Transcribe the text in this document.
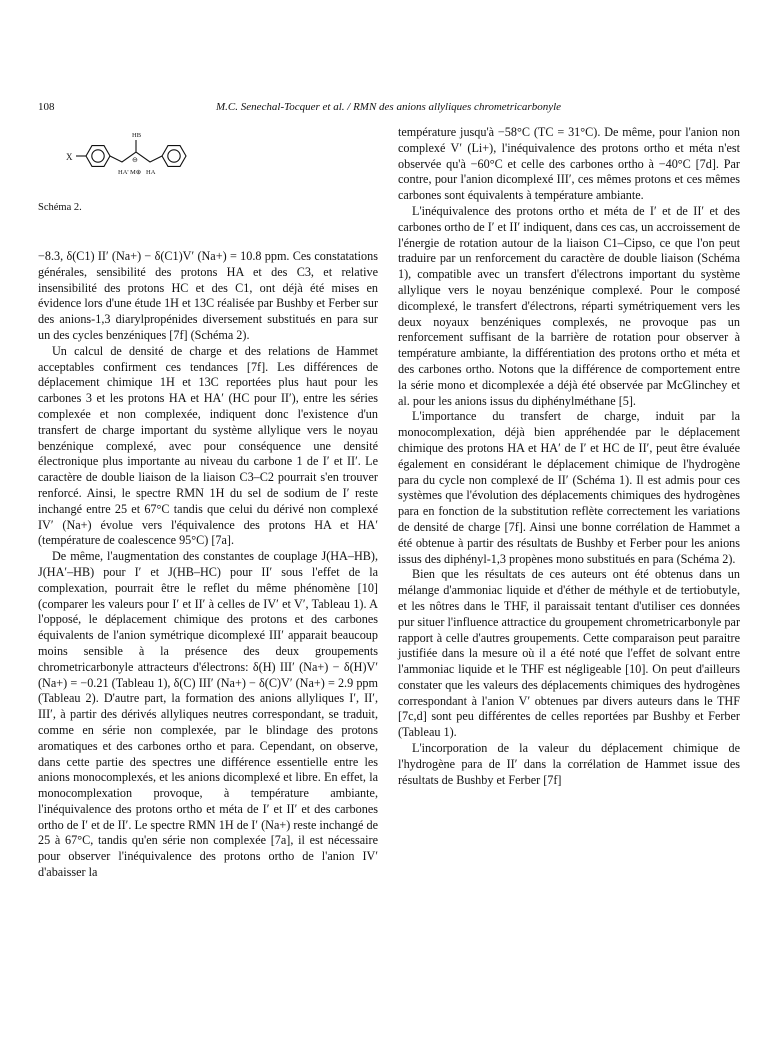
108	M.C. Senechal-Tocquer et al. / RMN des anions allyliques chrometricarbonyle
X
HB
⊖
HA' M⊕ HA
Schéma 2.

−8.3, δ(C1) II′ (Na+) − δ(C1)V′ (Na+) = 10.8 ppm. Ces constatations générales, sensibilité des protons HA et des C3, et relative insensibilité des protons HC et des C1, ont déjà été mises en évidence lors d'une étude 1H et 13C réalisée par Bushby et Ferber sur des anions-1,3 diarylpropénides diversement substitués en para sur un des cycles benzéniques [7f] (Schéma 2).

Un calcul de densité de charge et des relations de Hammet acceptables confirment ces tendances [7f]. Les différences de déplacement chimique 1H et 13C reportées plus haut pour les carbones 3 et les protons HA et HA′ (HC pour II′), entre les séries complexée et non complexée, indiquent donc l'existence d'un transfert de charge important du système allylique vers le noyau benzénique complexé, avec pour conséquence une densité électronique plus importante au niveau du carbone 1 de I′ et II′. Le caractère de double liaison de la liaison C3–C2 pourrait s'en trouver renforcé. Ainsi, le spectre RMN 1H du sel de sodium de I′ reste inchangé entre 25 et 67°C tandis que celui du dérivé non complexé IV′ (Na+) évolue vers l'équivalence des protons HA et HA′ (température de coalescence 95°C) [7a].

De même, l'augmentation des constantes de couplage J(HA–HB), J(HA′–HB) pour I′ et J(HB–HC) pour II′ sous l'effet de la complexation, pourrait être le reflet du même phénomène [10] (comparer les valeurs pour I′ et II′ à celles de IV′ et V′, Tableau 1). A l'opposé, le déplacement chimique des protons et des carbones équivalents de l'anion symétrique dicomplexé III′ apparait beaucoup moins sensible à la présence des deux groupements chrometricarbonyle attracteurs d'électrons: δ(H) III′ (Na+) − δ(H)V′ (Na+) = −0.21 (Tableau 1), δ(C) III′ (Na+) − δ(C)V′ (Na+) = 2.9 ppm (Tableau 2). D'autre part, la formation des anions allyliques I′, II′, III′, à partir des dérivés allyliques neutres correspondant, se traduit, comme en série non complexée, par le blindage des protons aromatiques et des carbones ortho et para. Cependant, on observe, dans cette partie des spectres une différence essentielle entre les anions monocomplexés, et les anions dicomplexé et libre. En effet, la monocomplexation provoque, à température ambiante, l'inéquivalence des protons ortho et méta de I′ et II′ et des carbones ortho de I′ et de II′. Le spectre RMN 1H de I′ (Na+) reste inchangé de 25 à 67°C, tandis qu'en série non complexée [7a], il est nécessaire pour observer l'inéquivalence des protons ortho de l'anion IV′ d'abaisser la

température jusqu'à −58°C (TC = 31°C). De même, pour l'anion non complexé V′ (Li+), l'inéquivalence des protons ortho et méta n'est observée qu'à −60°C et celle des carbones ortho à −40°C [7d]. Par contre, pour l'anion dicomplexé III′, ces mêmes protons et ces mêmes carbones sont équivalents à température ambiante.

L'inéquivalence des protons ortho et méta de I′ et de II′ et des carbones ortho de I′ et II′ indiquent, dans ces cas, un accroissement de l'énergie de rotation autour de la liaison C1–Cipso, ce que l'on peut traduire par un renforcement du caractère de double liaison (Schéma 1), compatible avec un transfert d'électrons important du système allylique vers le noyau benzénique complexé. Pour le composé dicomplexé, le transfert d'électrons, réparti symétriquement vers les deux noyaux benzéniques complexés, ne provoque pas un renforcement suffisant de la barrière de rotation pour observer à température ambiante, la différentiation des protons ortho et méta et des carbones ortho. Notons que la différence de comportement entre la série mono et dicomplexée a déjà été observée par McGlinchey et al. pour les anions issus du diphénylméthane [5].

L'importance du transfert de charge, induit par la monocomplexation, déjà bien appréhendée par le déplacement chimique des protons HA et HA′ de I′ et HC de II′, peut être évaluée également en considérant le déplacement chimique de l'hydrogène para du cycle non complexé de II′ (Schéma 1). Il est admis pour ces systèmes que l'évolution des déplacements chimiques des hydrogènes para en fonction de la substitution reflète correctement les variations de densité de charge [7f]. Ainsi une bonne corrélation de Hammet a été obtenue à partir des résultats de Bushby et Ferber pour les anions issus des diphényl-1,3 propènes mono substitués en para (Schéma 2).

Bien que les résultats de ces auteurs ont été obtenus dans un mélange d'ammoniac liquide et d'éther de méthyle et de tertiobutyle, et les nôtres dans le THF, il paraissait tentant d'utiliser ces données pur situer l'influence attractice du groupement chrometricarbonyle par rapport à celle d'autres groupements. Cette comparaison peut paraitre justifiée dans la mesure où il a été noté que l'effet de solvant entre l'ammoniac liquide et le THF est négligeable [10]. On peut d'ailleurs constater que les valeurs des déplacements chimiques des hydrogènes correspondant à l'anion V′ obtenues par divers auteurs dans le THF [7c,d] sont peu différentes de celles reportées par Bushby et Ferber (Tableau 1).

L'incorporation de la valeur du déplacement chimique de l'hydrogène para de II′ dans la corrélation de Hammet issue des résultats de Bushby et Ferber [7f]
